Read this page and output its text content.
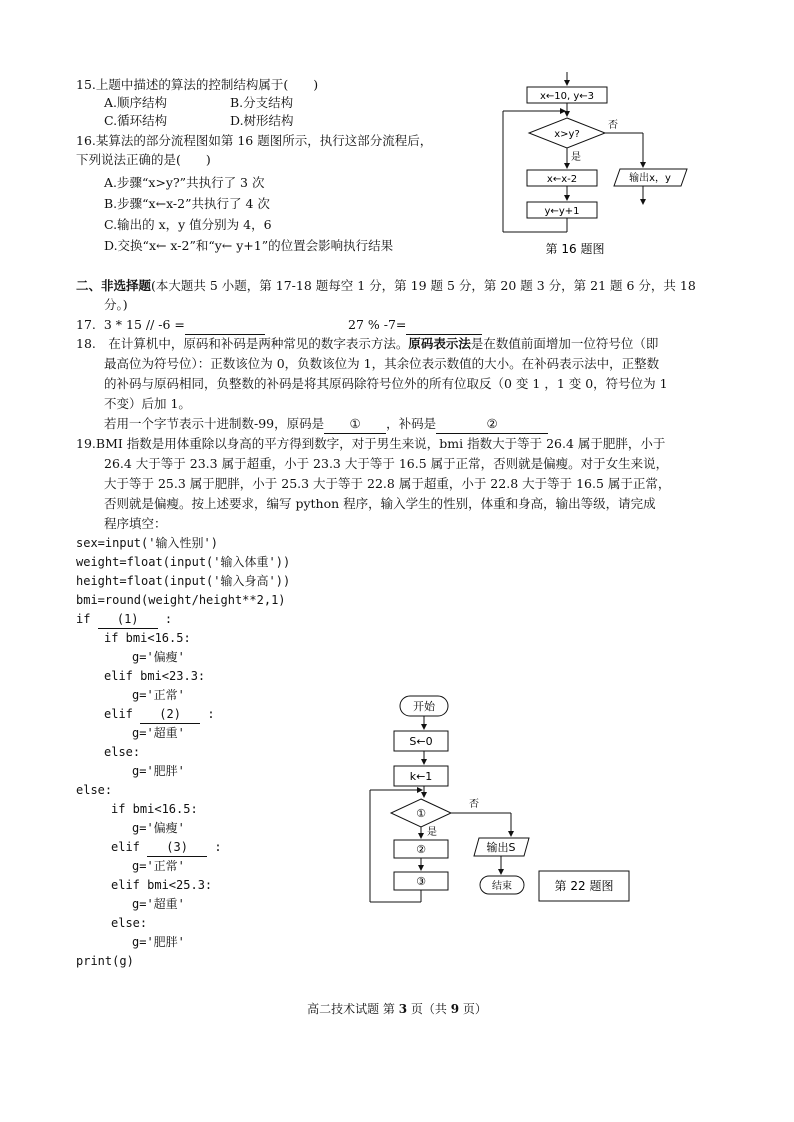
15.上题中描述的算法的控制结构属于(　　)
A.顺序结构	B.分支结构
C.循环结构	D.树形结构
16.某算法的部分流程图如第 16 题图所示，执行这部分流程后，
下列说法正确的是(　　)
A.步骤“x>y?”共执行了 3 次
B.步骤“x←x-2”共执行了 4 次
C.输出的 x，y 值分别为 4，6
D.交换“x← x-2”和“y← y+1”的位置会影响执行结果
x←10, y←3
x>y?
否
是
x←x-2
y←y+1
输出x，y
第 16 题图
二、非选择题(本大题共 5 小题，第 17-18 题每空 1 分，第 19 题 5 分，第 20 题 3 分，第 21 题 6 分，共 18
分。)
17. 3 * 15 // -6 =	27 % -7=
18.　在计算机中，原码和补码是两种常见的数字表示方法。原码表示法是在数值前面增加一位符号位（即
最高位为符号位）：正数该位为 0，负数该位为 1，其余位表示数值的大小。在补码表示法中，正整数
的补码与原码相同，负整数的补码是将其原码除符号位外的所有位取反（0 变 1 ，1 变 0，符号位为 1
不变）后加 1。
若用一个字节表示十进制数-99，原码是 ① ，补码是	②
19.BMI 指数是用体重除以身高的平方得到数字，对于男生来说，bmi 指数大于等于 26.4 属于肥胖，小于
26.4 大于等于 23.3 属于超重，小于 23.3 大于等于 16.5 属于正常，否则就是偏瘦。对于女生来说，
大于等于 25.3 属于肥胖，小于 25.3 大于等于 22.8 属于超重，小于 22.8 大于等于 16.5 属于正常，
否则就是偏瘦。按上述要求，编写 python 程序，输入学生的性别，体重和身高，输出等级，请完成
程序填空：
sex=input('输入性别')
weight=float(input('输入体重'))
height=float(input('输入身高'))
bmi=round(weight/height**2,1)
if (1) :
if bmi<16.5:
g='偏瘦'
elif bmi<23.3:
g='正常'
elif (2) :
g='超重'
else:
g='肥胖'
else:
if bmi<16.5:
g='偏瘦'
elif (3) :
g='正常'
elif bmi<25.3:
g='超重'
else:
g='肥胖'
print(g)
开始
S←0
k←1
①
否
是
②
③
输出S
结束	第 22 题图
高二技术试题 第 3 页（共 9 页）
